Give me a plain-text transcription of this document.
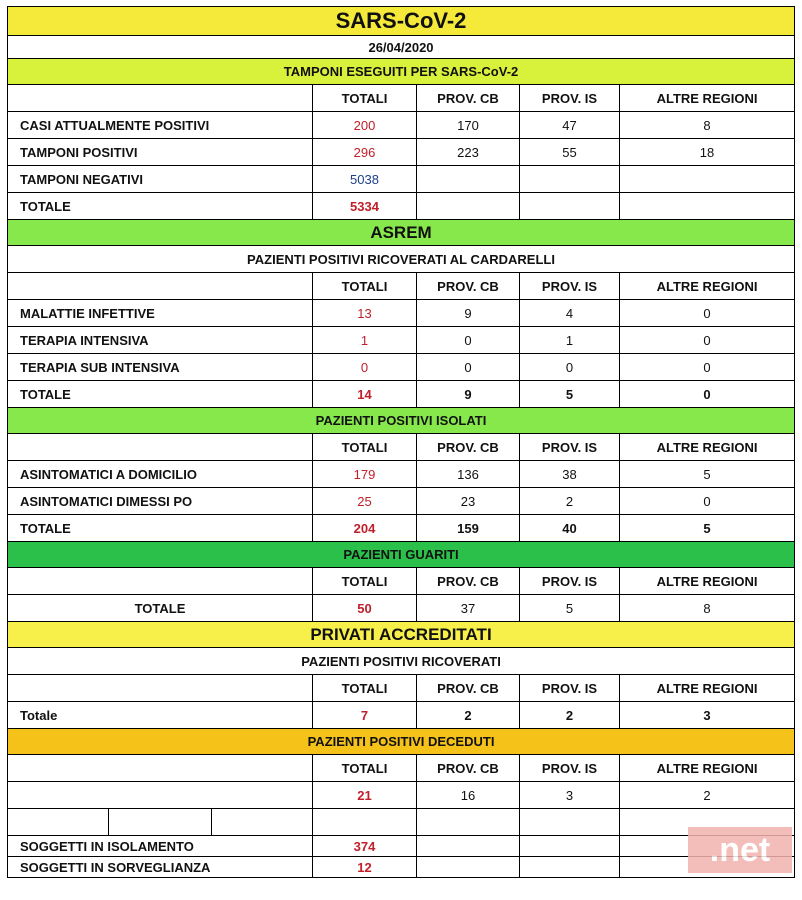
SARS-CoV-2				
26/04/2020				
TAMPONI ESEGUITI PER SARS-CoV-2				
	TOTALI	PROV. CB	PROV. IS	ALTRE REGIONI
CASI ATTUALMENTE POSITIVI	200	170	47	8
TAMPONI POSITIVI	296	223	55	18
TAMPONI NEGATIVI	5038			
TOTALE	5334			
ASREM				
PAZIENTI POSITIVI RICOVERATI AL CARDARELLI				
	TOTALI	PROV. CB	PROV. IS	ALTRE REGIONI
MALATTIE INFETTIVE	13	9	4	0
TERAPIA INTENSIVA	1	0	1	0
TERAPIA SUB INTENSIVA	0	0	0	0
TOTALE	14	9	5	0
PAZIENTI POSITIVI ISOLATI				
	TOTALI	PROV. CB	PROV. IS	ALTRE REGIONI
ASINTOMATICI A DOMICILIO	179	136	38	5
ASINTOMATICI DIMESSI PO	25	23	2	0
TOTALE	204	159	40	5
PAZIENTI GUARITI				
	TOTALI	PROV. CB	PROV. IS	ALTRE REGIONI
TOTALE	50	37	5	8
PRIVATI ACCREDITATI				
PAZIENTI POSITIVI RICOVERATI				
	TOTALI	PROV. CB	PROV. IS	ALTRE REGIONI
Totale	7	2	2	3
PAZIENTI POSITIVI DECEDUTI				
	TOTALI	PROV. CB	PROV. IS	ALTRE REGIONI
	21	16	3	2

SOGGETTI IN ISOLAMENTO	374			
SOGGETTI IN SORVEGLIANZA	12				.net
